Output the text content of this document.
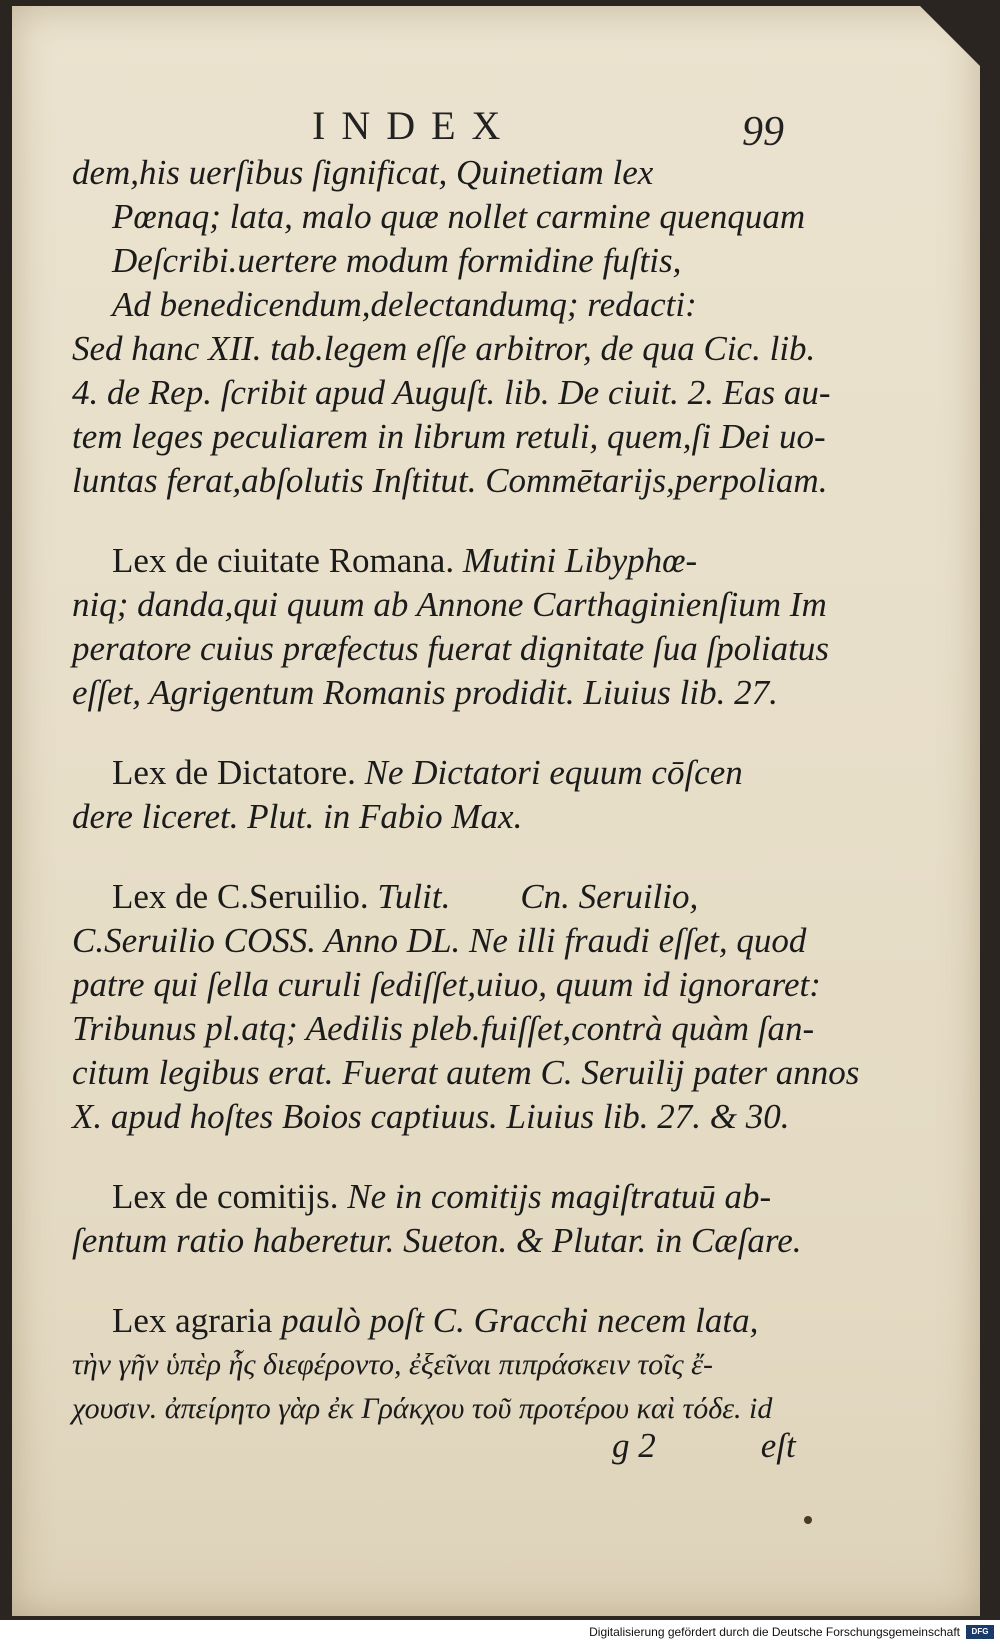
INDEX	99
dem,his uerſibus ſignificat, Quinetiam lex
Pœnaq; lata, malo quæ nollet carmine quenquam
Deſcribi.uertere modum formidine fuſtis,
Ad benedicendum,delectandumq; redacti:
Sed hanc XII. tab.legem eſſe arbitror, de qua Cic. lib.
4. de Rep. ſcribit apud Auguſt. lib. De ciuit. 2. Eas au-
tem leges peculiarem in librum retuli, quem,ſi Dei uo-
luntas ferat,abſolutis Inſtitut. Commētarijs,perpoliam.
Lex de ciuitate Romana. Mutini Libyphœ-
niq; danda,qui quum ab Annone Carthaginienſium Im
peratore cuius præfectus fuerat dignitate ſua ſpoliatus
eſſet, Agrigentum Romanis prodidit. Liuius lib. 27.
Lex de Dictatore. Ne Dictatori equum cōſcen
dere liceret. Plut. in Fabio Max.
Lex de C.Seruilio. Tulit.        Cn. Seruilio,
C.Seruilio COSS. Anno DL. Ne illi fraudi eſſet, quod
patre qui ſella curuli ſediſſet,uiuo, quum id ignoraret:
Tribunus pl.atq; Aedilis pleb.fuiſſet,contrà quàm ſan-
citum legibus erat. Fuerat autem C. Seruilij pater annos
X. apud hoſtes Boios captiuus. Liuius lib. 27. & 30.
Lex de comitijs. Ne in comitijs magiſtratuū ab-
ſentum ratio haberetur. Sueton. & Plutar. in Cæſare.
Lex agraria paulò poſt C. Gracchi necem lata,
τὴν γῆν ὑπὲρ ἧς διεφέροντο, ἐξεῖναι πιπράσκειν τοῖς ἔ-
χουσιν. ἀπείρητο γὰρ ἐκ Γράκχου τοῦ προτέρου καὶ τόδε. id
g 2	eſt
Digitalisierung gefördert durch die Deutsche Forschungsgemeinschaft	DFG
